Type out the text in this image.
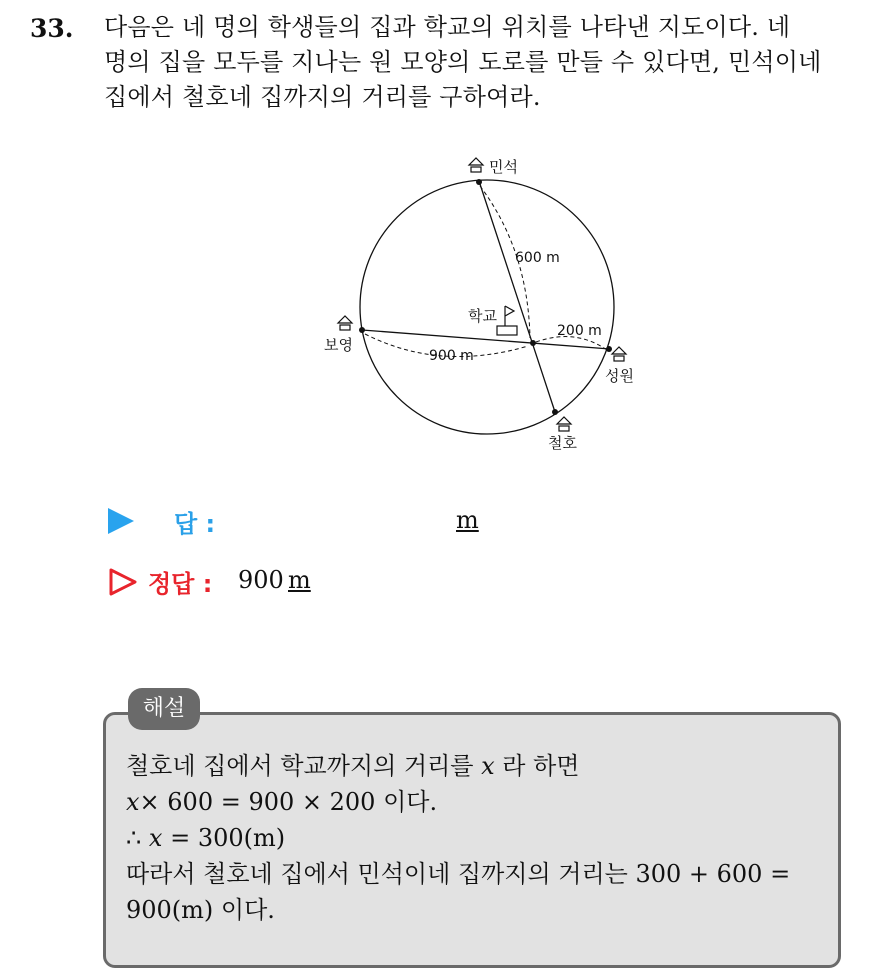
33. 다음은 네 명의 학생들의 집과 학교의 위치를 나타낸 지도이다. 네
명의 집을 모두를 지나는 원 모양의 도로를 만들 수 있다면, 민석이네
집에서 철호네 집까지의 거리를 구하여라.
민석
보영
성원
철호
학교
600 m
900 m
200 m
답 :	m
정답 : 900 m
해설
철호네 집에서 학교까지의 거리를 x 라 하면
x× 600 = 900 × 200 이다.
∴ x = 300(m)
따라서 철호네 집에서 민석이네 집까지의 거리는 300 + 600 =
900(m) 이다.
